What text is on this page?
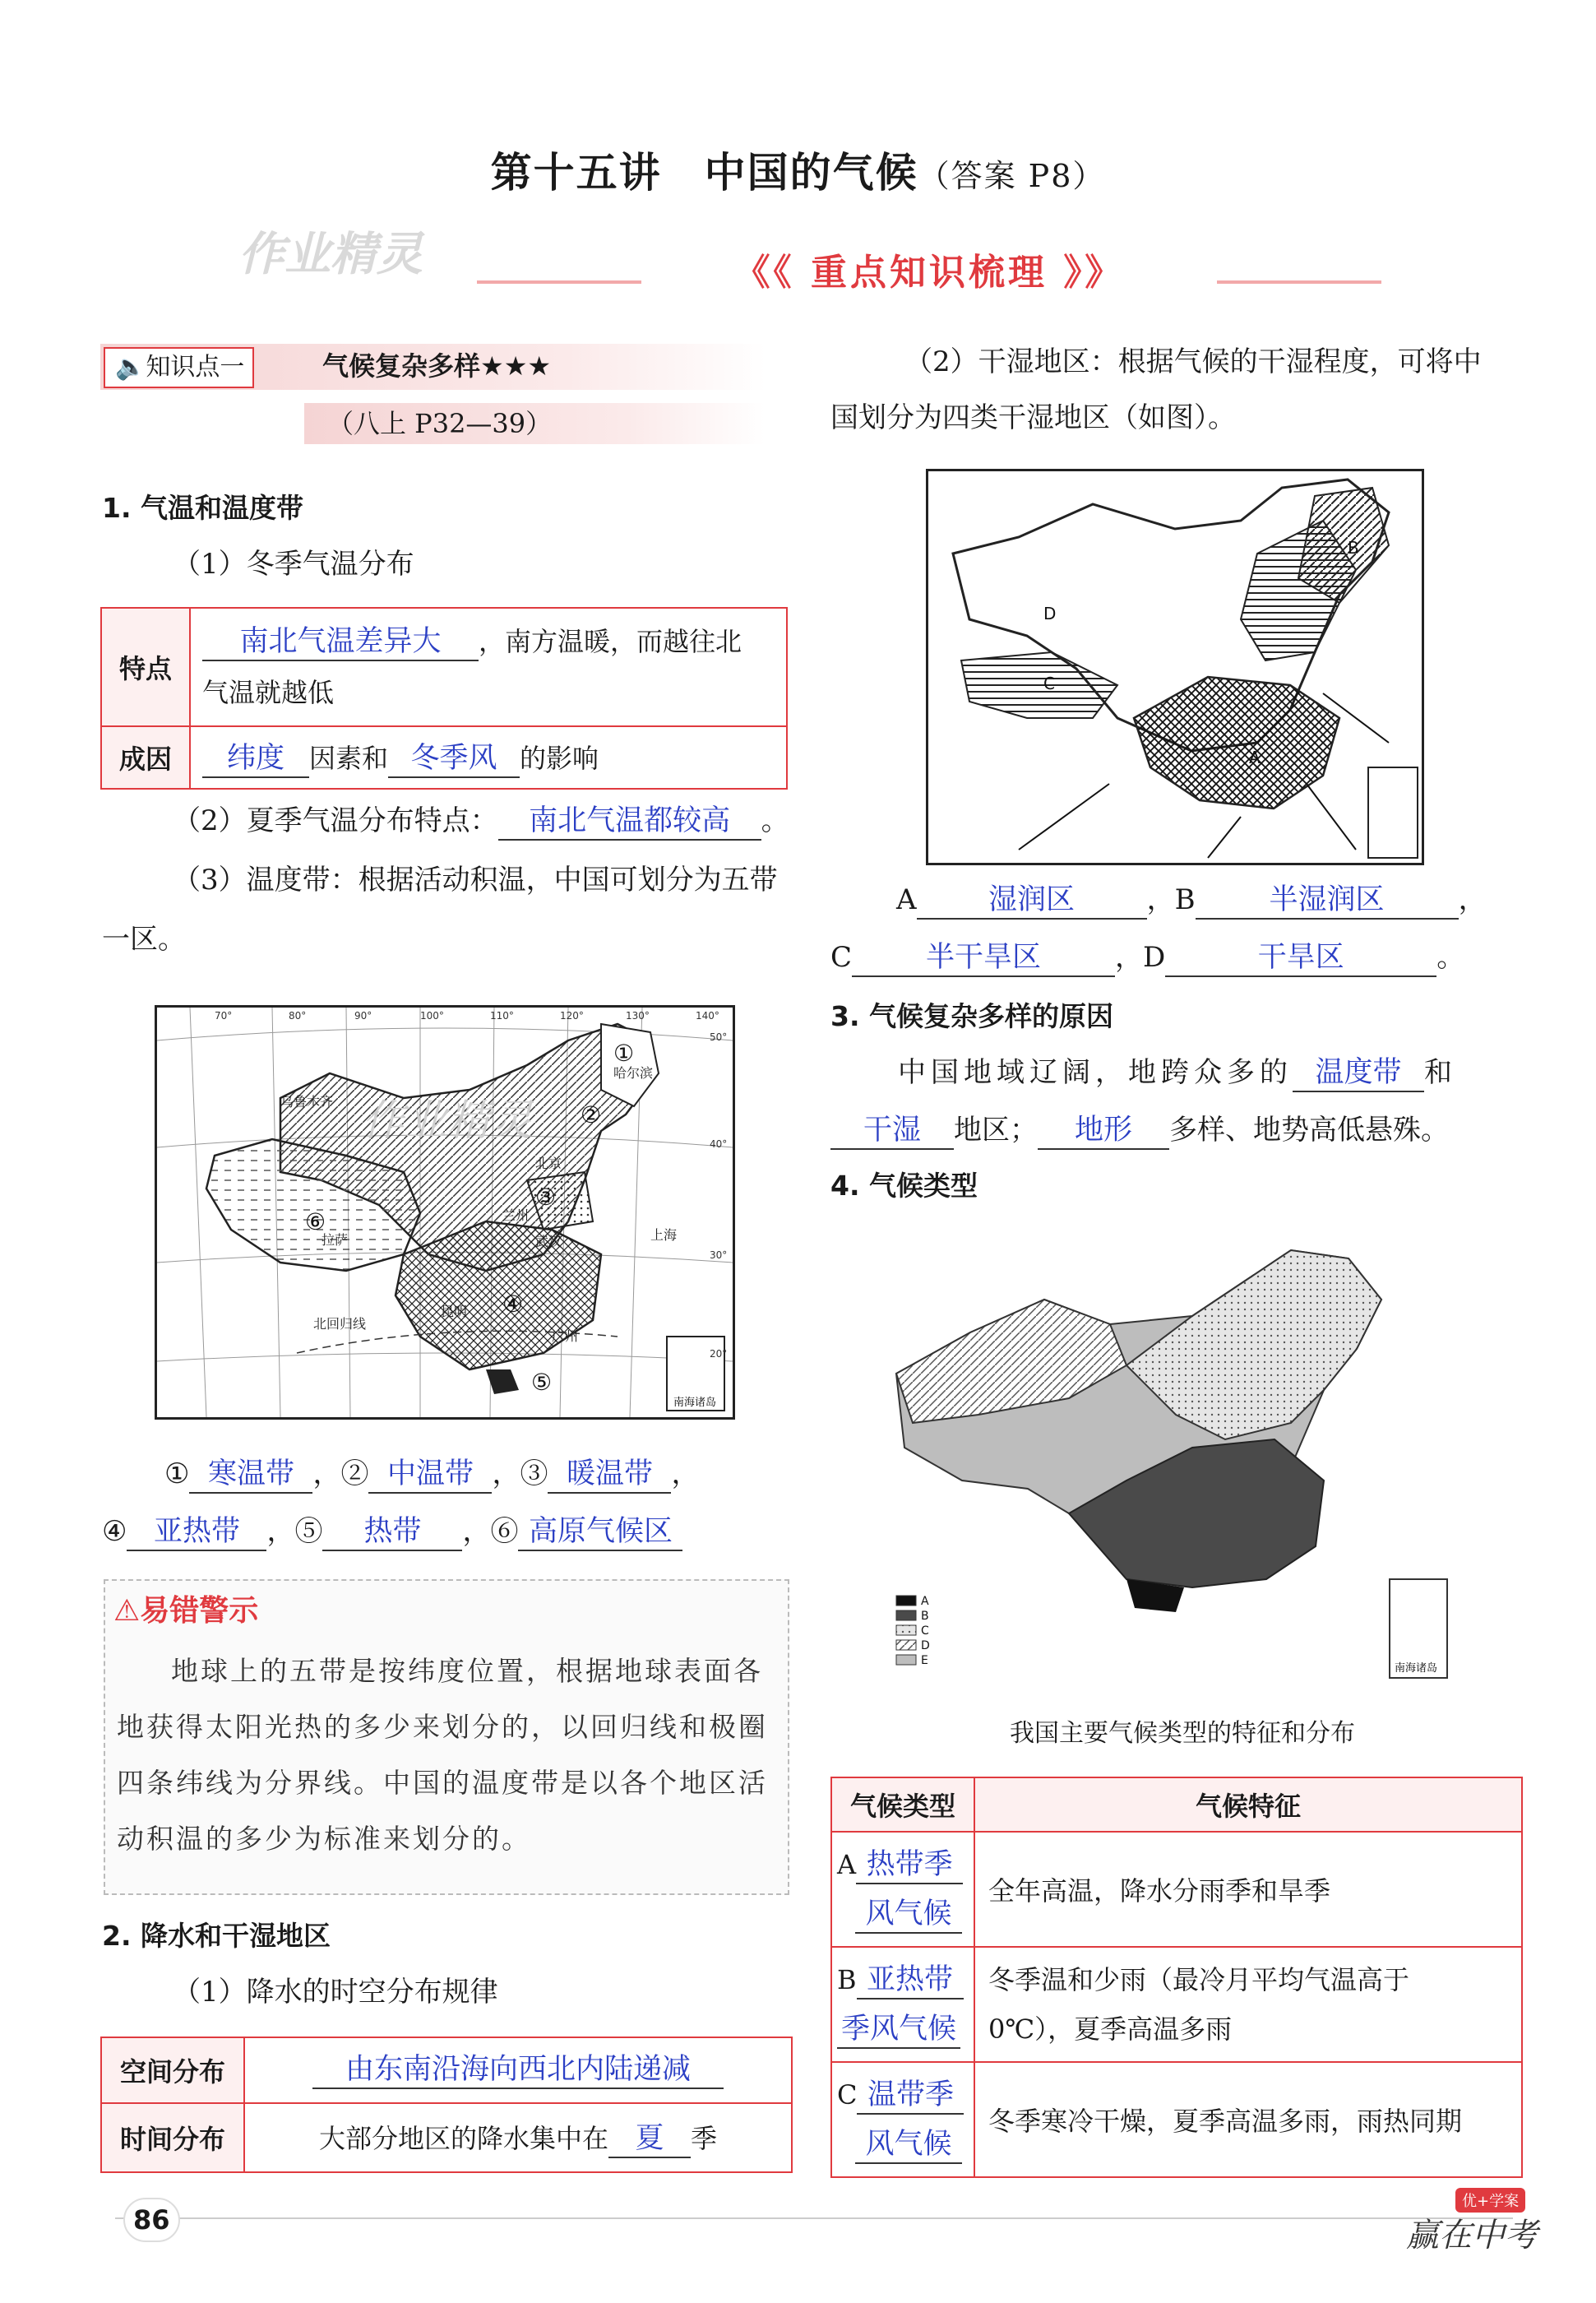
第十五讲　中国的气候（答案 P8）
作业精灵	《《 重点知识梳理 》》
🔈知识点一	气候复杂多样★★★
（八上 P32—39）
1. 气温和温度带
（1）冬季气温分布
特点	南北气温差异大 ，南方温暖，而越往北
气温就越低
成因	纬度 因素和 冬季风 的影响
（2）夏季气温分布特点： 南北气温都较高 。
（3）温度带：根据活动积温，中国可划分为五带
一区。
南海诸岛
哈尔滨
乌鲁木齐
北京
兰州
拉萨	武汉	上海
昆明
广州
北回归线
70°	80°	90°	100°	110°	120°	130°	140°
50°
40°
30°
20°
①
②
③
④
⑤
⑥
作业精灵
① 寒温带 ，② 中温带 ，③ 暖温带 ，
④ 亚热带 ，⑤ 热带 ，⑥ 高原气候区
⚠易错警示
地球上的五带是按纬度位置，根据地球表面各地获得太阳光热的多少来划分的，以回归线和极圈四条纬线为分界线。中国的温度带是以各个地区活动积温的多少为标准来划分的。
2. 降水和干湿地区
（1）降水的时空分布规律
空间分布	由东南沿海向西北内陆递减
时间分布	大部分地区的降水集中在 夏 季
（2）干湿地区：根据气候的干湿程度，可将中
国划分为四类干湿地区（如图）。
A
B
C
D
A 湿润区	，B	半湿润区	，
C	半干旱区	，D	干旱区	。
3. 气候复杂多样的原因
中国地域辽阔，地跨众多的 温度带 和
干湿 地区； 地形 多样、地势高低悬殊。
4. 气候类型
南海诸岛
A
B
C
D
E
我国主要气候类型的特征和分布
气候类型	气候特征
A 热带季
风气候	全年高温，降水分雨季和旱季
B 亚热带
季风气候	冬季温和少雨（最冷月平均气温高于
0℃），夏季高温多雨
C 温带季
风气候	冬季寒冷干燥，夏季高温多雨，雨热同期
86
优+学案
赢在中考
